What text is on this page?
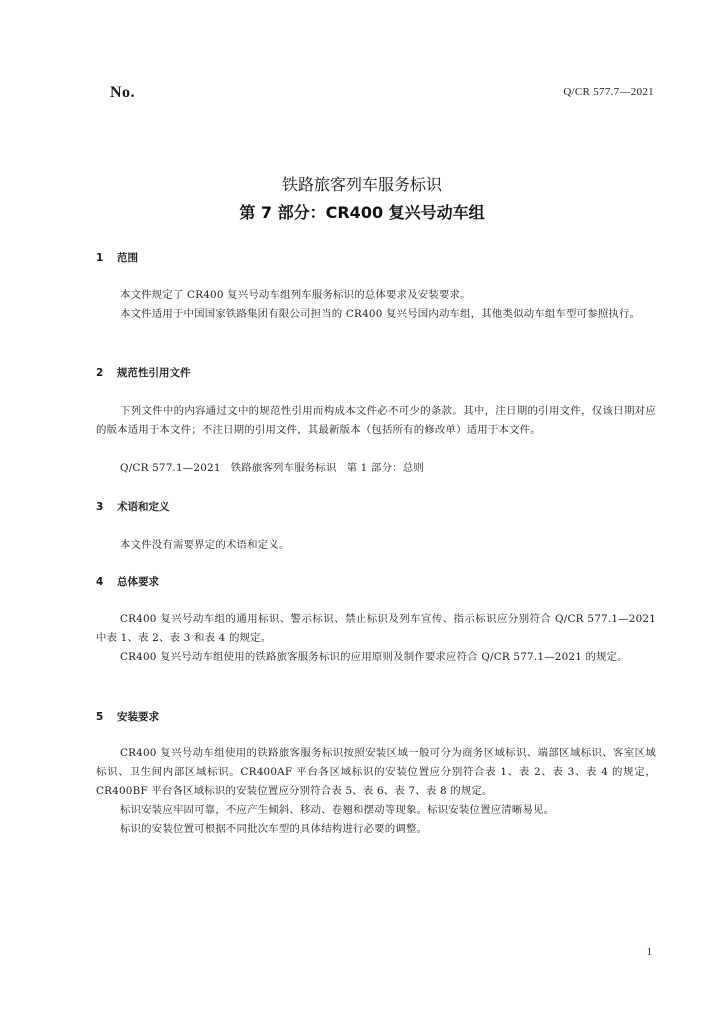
No.	Q/CR 577.7—2021
铁路旅客列车服务标识
第 7 部分：CR400 复兴号动车组
1 范围
本文件规定了 CR400 复兴号动车组列车服务标识的总体要求及安装要求。
本文件适用于中国国家铁路集团有限公司担当的 CR400 复兴号国内动车组，其他类似动车组车型可参照执行。
2 规范性引用文件
下列文件中的内容通过文中的规范性引用而构成本文件必不可少的条款。其中，注日期的引用文件，仅该日期对应的版本适用于本文件；不注日期的引用文件，其最新版本（包括所有的修改单）适用于本文件。
Q/CR 577.1—2021 铁路旅客列车服务标识 第 1 部分：总则
3 术语和定义
本文件没有需要界定的术语和定义。
4 总体要求
CR400 复兴号动车组的通用标识、警示标识、禁止标识及列车宣传、指示标识应分别符合 Q/CR 577.1—2021 中表 1、表 2、表 3 和表 4 的规定。
CR400 复兴号动车组使用的铁路旅客服务标识的应用原则及制作要求应符合 Q/CR 577.1—2021 的规定。
5 安装要求
CR400 复兴号动车组使用的铁路旅客服务标识按照安装区域一般可分为商务区域标识、端部区域标识、客室区域标识、卫生间内部区域标识。CR400AF 平台各区域标识的安装位置应分别符合表 1、表 2、表 3、表 4 的规定，CR400BF 平台各区域标识的安装位置应分别符合表 5、表 6、表 7、表 8 的规定。
标识安装应牢固可靠，不应产生倾斜、移动、卷翘和摆动等现象。标识安装位置应清晰易见。
标识的安装位置可根据不同批次车型的具体结构进行必要的调整。
1
